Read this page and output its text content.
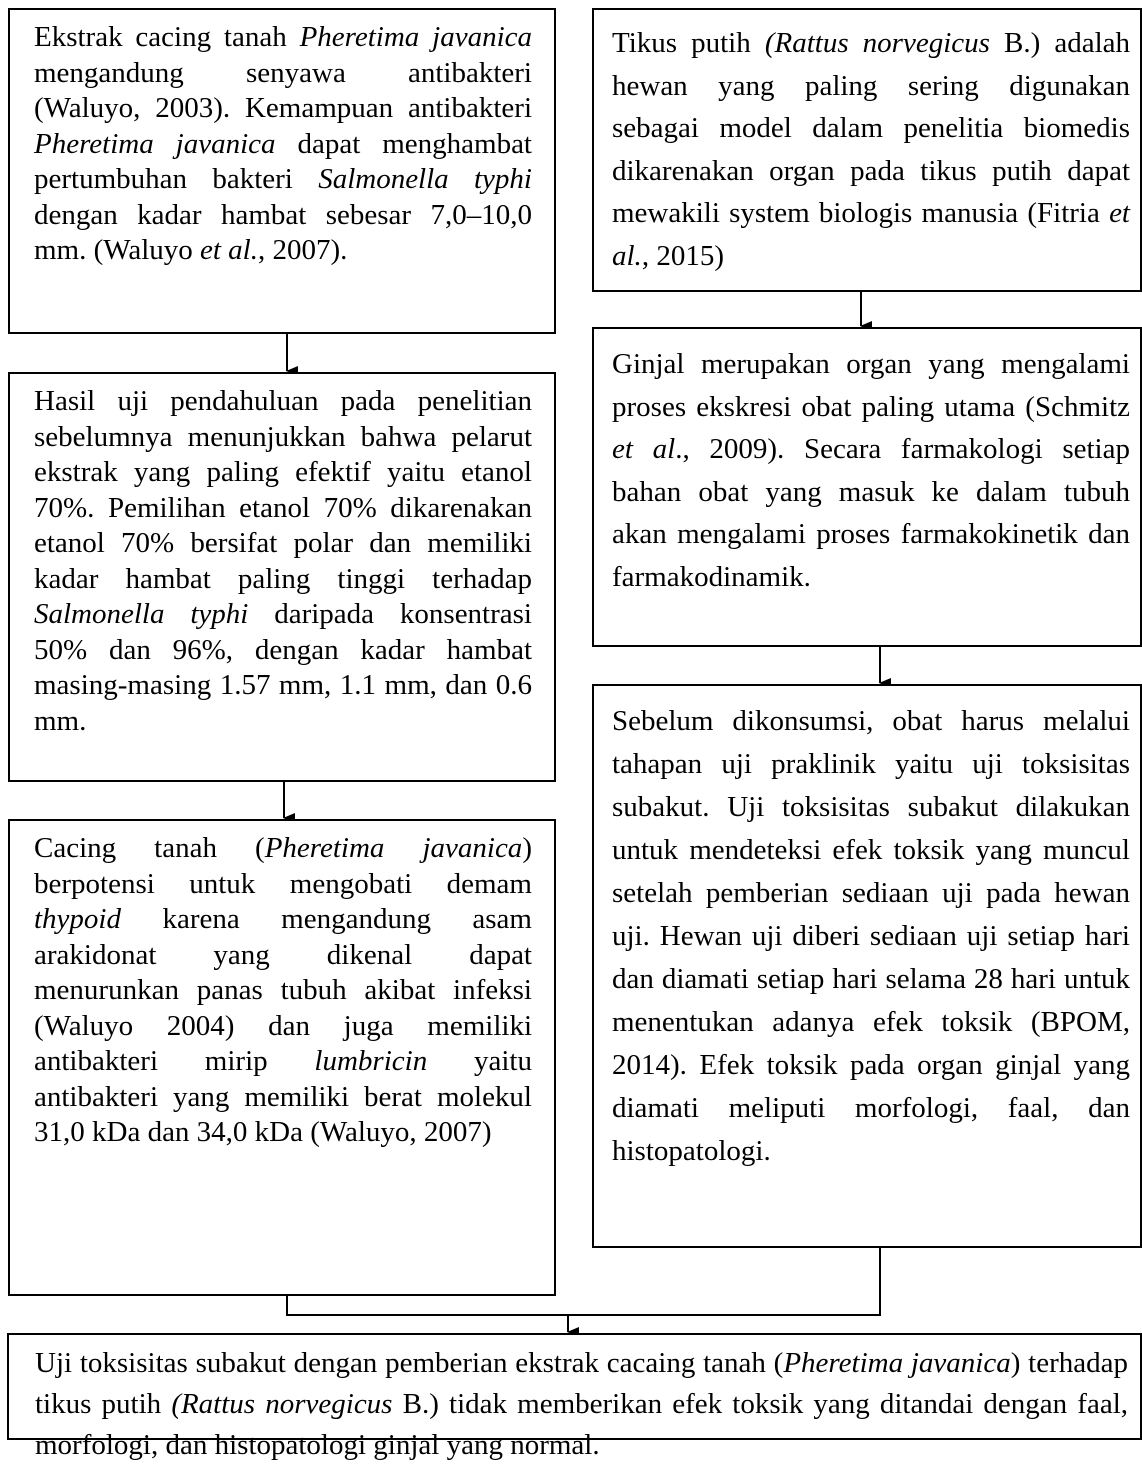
Ekstrak cacing tanah Pheretima javanica mengandung senyawa antibakteri (Waluyo, 2003). Kemampuan antibakteri Pheretima javanica dapat menghambat pertumbuhan bakteri Salmonella typhi dengan kadar hambat sebesar 7,0–10,0 mm. (Waluyo et al., 2007).

Hasil uji pendahuluan pada penelitian sebelumnya menunjukkan bahwa pelarut ekstrak yang paling efektif yaitu etanol 70%. Pemilihan etanol 70% dikarenakan etanol 70% bersifat polar dan memiliki kadar hambat paling tinggi terhadap Salmonella typhi daripada konsentrasi 50% dan 96%, dengan kadar hambat masing-masing 1.57 mm, 1.1 mm, dan 0.6 mm.

Cacing tanah (Pheretima javanica) berpotensi untuk mengobati demam thypoid karena mengandung asam arakidonat yang dikenal dapat menurunkan panas tubuh akibat infeksi (Waluyo 2004) dan juga memiliki antibakteri mirip lumbricin yaitu antibakteri yang memiliki berat molekul 31,0 kDa dan 34,0 kDa (Waluyo, 2007)

Tikus putih (Rattus norvegicus B.) adalah hewan yang paling sering digunakan sebagai model dalam penelitia biomedis dikarenakan organ pada tikus putih dapat mewakili system biologis manusia (Fitria et al., 2015)

Ginjal merupakan organ yang mengalami proses ekskresi obat paling utama (Schmitz et al., 2009). Secara farmakologi setiap bahan obat yang masuk ke dalam tubuh akan mengalami proses farmakokinetik dan farmakodinamik.

Sebelum dikonsumsi, obat harus melalui tahapan uji praklinik yaitu uji toksisitas subakut. Uji toksisitas subakut dilakukan untuk mendeteksi efek toksik yang muncul setelah pemberian sediaan uji pada hewan uji. Hewan uji diberi sediaan uji setiap hari dan diamati setiap hari selama 28 hari untuk menentukan adanya efek toksik (BPOM, 2014). Efek toksik pada organ ginjal yang diamati meliputi morfologi, faal, dan histopatologi.

Uji toksisitas subakut dengan pemberian ekstrak cacaing tanah (Pheretima javanica) terhadap tikus putih (Rattus norvegicus B.) tidak memberikan efek toksik yang ditandai dengan faal, morfologi, dan histopatologi ginjal yang normal.
